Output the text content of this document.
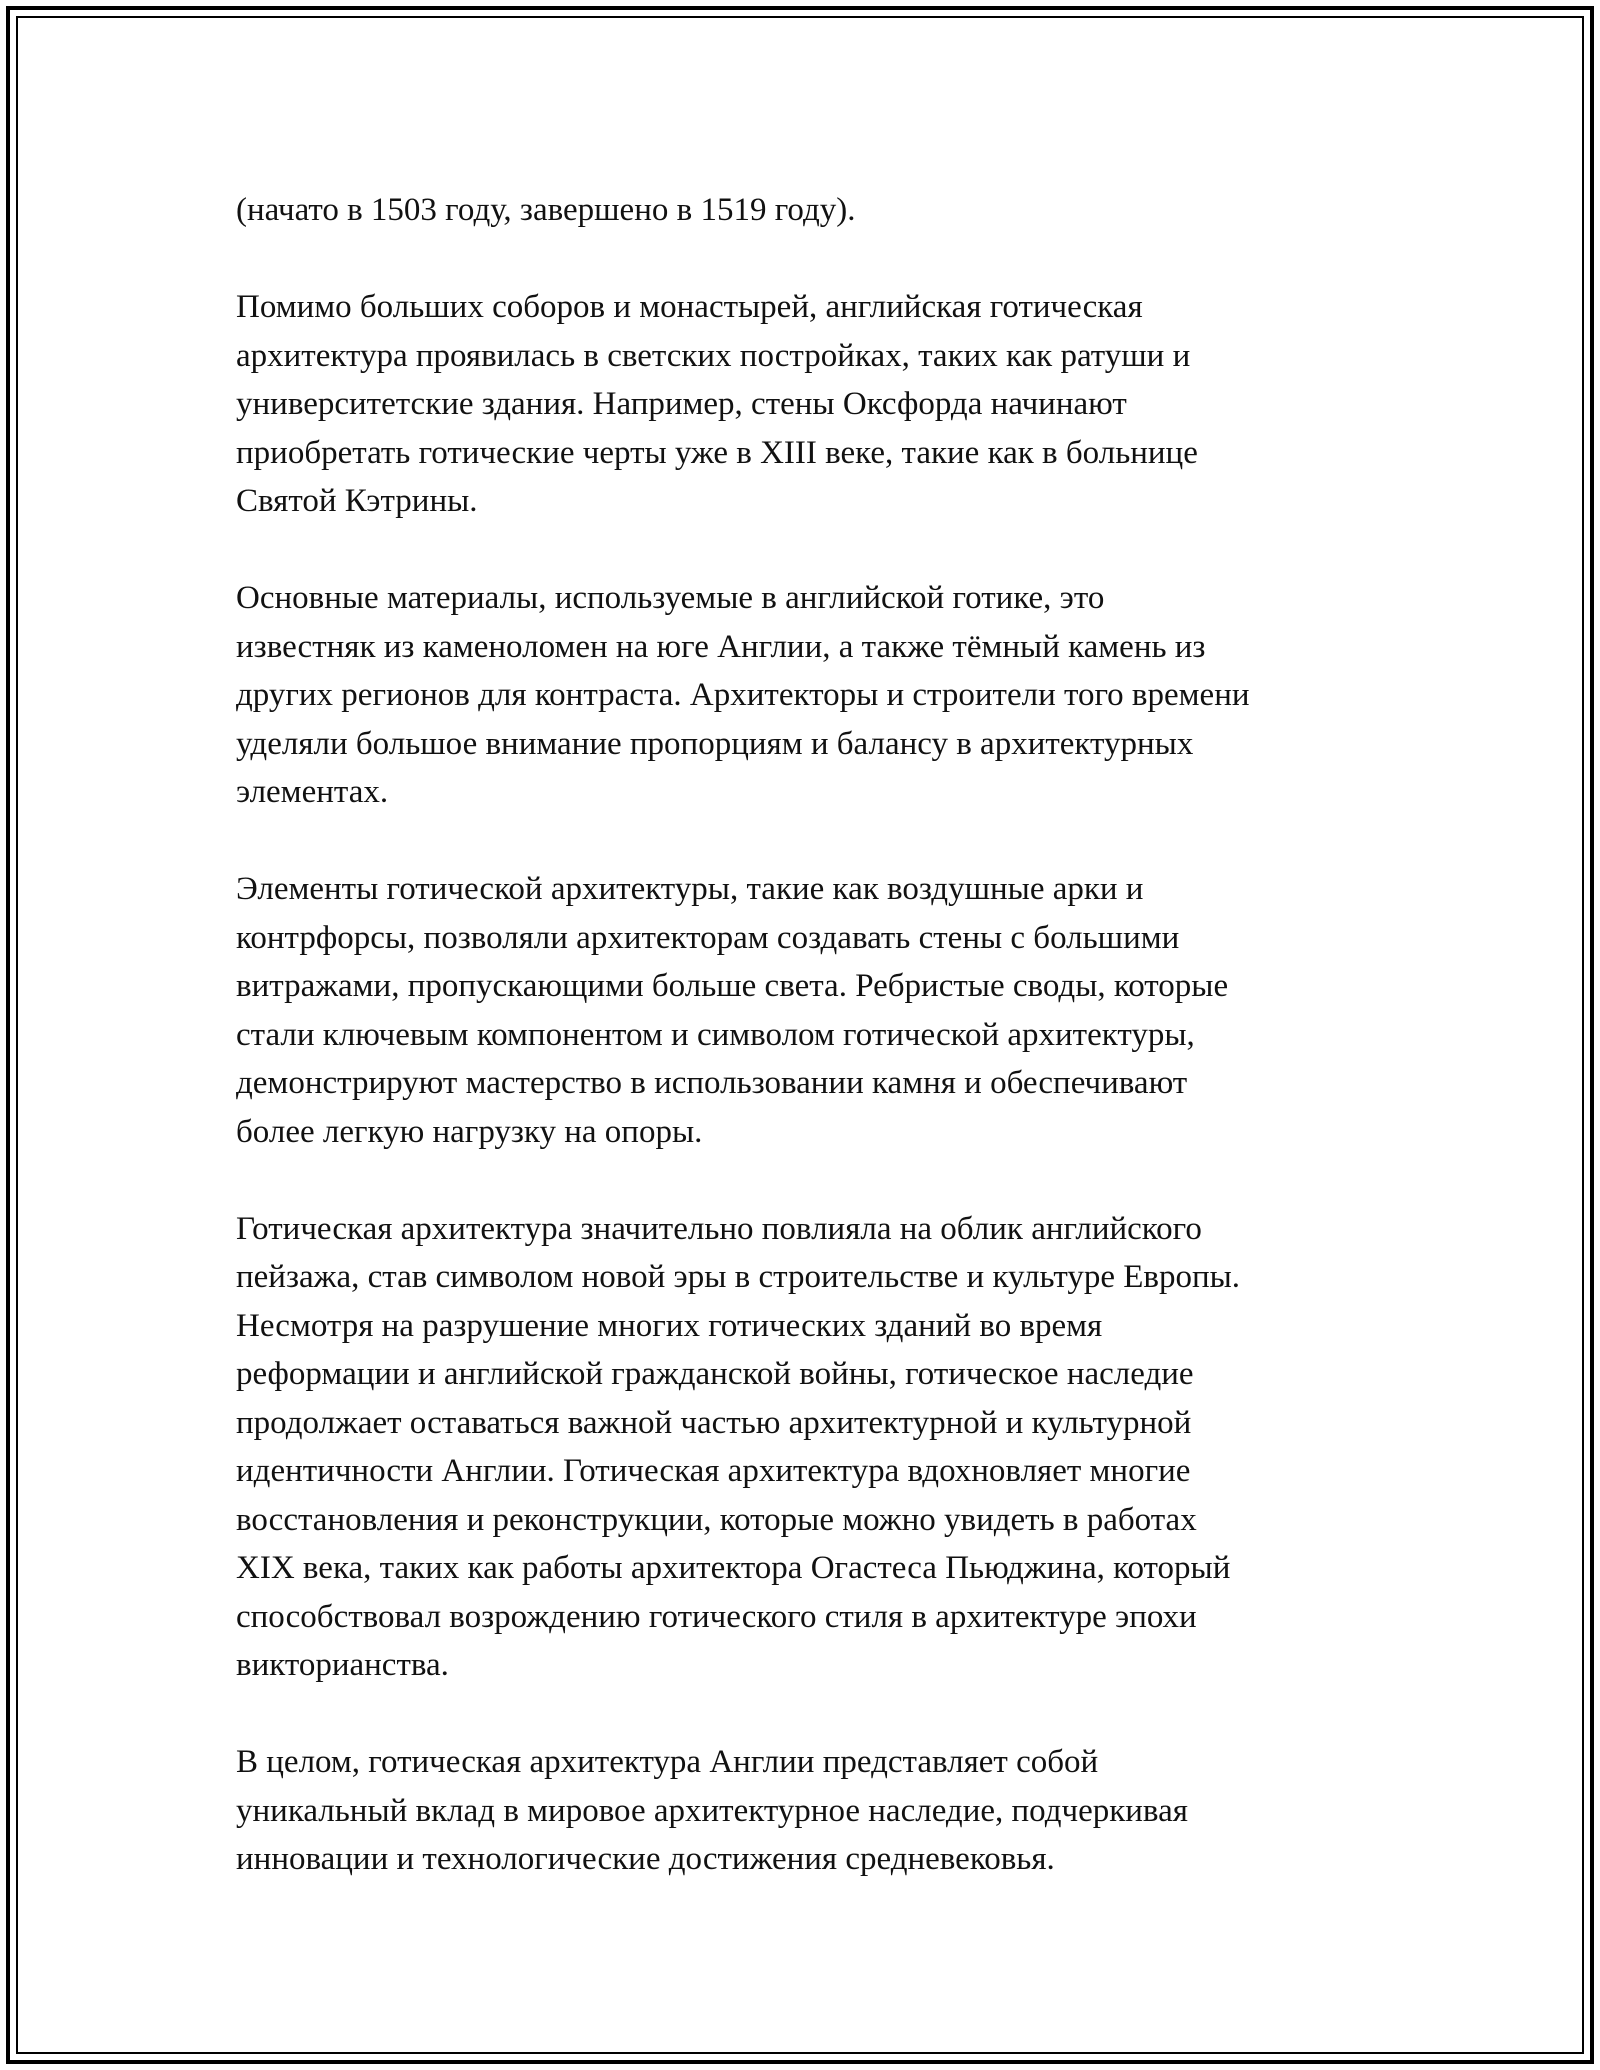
(начато в 1503 году, завершено в 1519 году).

Помимо больших соборов и монастырей, английская готическая
архитектура проявилась в светских постройках, таких как ратуши и
университетские здания. Например, стены Оксфорда начинают
приобретать готические черты уже в XIII веке, такие как в больнице
Святой Кэтрины.

Основные материалы, используемые в английской готике, это
известняк из каменоломен на юге Англии, а также тёмный камень из
других регионов для контраста. Архитекторы и строители того времени
уделяли большое внимание пропорциям и балансу в архитектурных
элементах.

Элементы готической архитектуры, такие как воздушные арки и
контрфорсы, позволяли архитекторам создавать стены с большими
витражами, пропускающими больше света. Ребристые своды, которые
стали ключевым компонентом и символом готической архитектуры,
демонстрируют мастерство в использовании камня и обеспечивают
более легкую нагрузку на опоры.

Готическая архитектура значительно повлияла на облик английского
пейзажа, став символом новой эры в строительстве и культуре Европы.
Несмотря на разрушение многих готических зданий во время
реформации и английской гражданской войны, готическое наследие
продолжает оставаться важной частью архитектурной и культурной
идентичности Англии. Готическая архитектура вдохновляет многие
восстановления и реконструкции, которые можно увидеть в работах
XIX века, таких как работы архитектора Огастеса Пьюджина, который
способствовал возрождению готического стиля в архитектуре эпохи
викторианства.

В целом, готическая архитектура Англии представляет собой
уникальный вклад в мировое архитектурное наследие, подчеркивая
инновации и технологические достижения средневековья.
